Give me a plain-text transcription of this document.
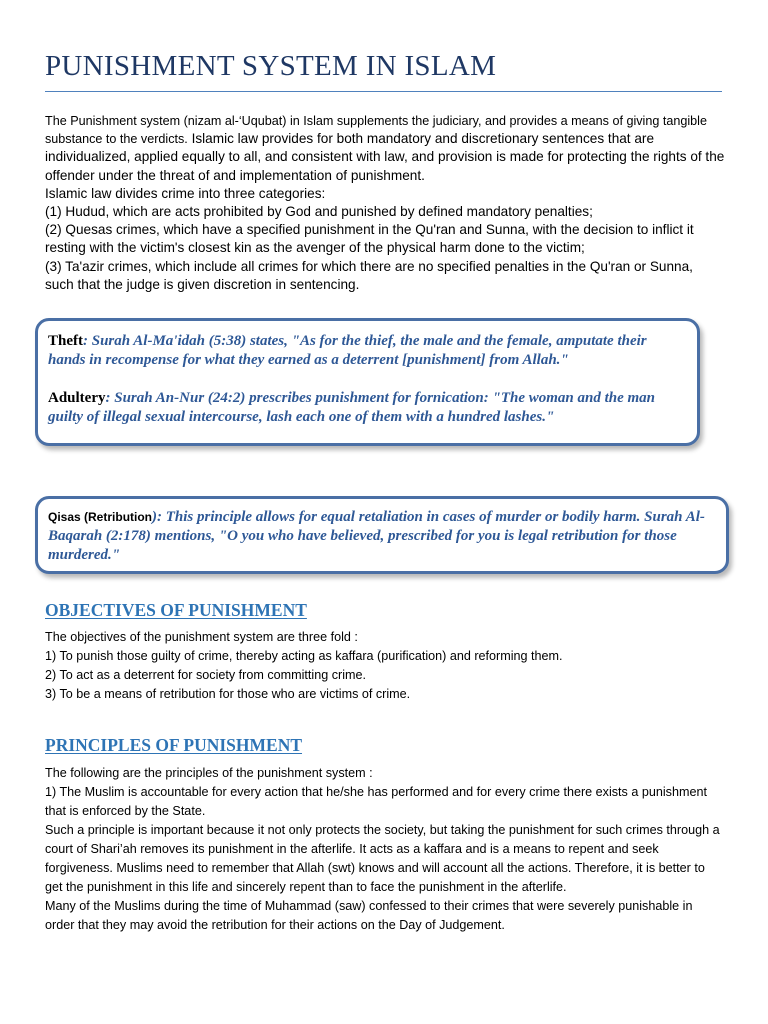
PUNISHMENT SYSTEM IN ISLAM

The Punishment system (nizam al-‘Uqubat) in Islam supplements the judiciary, and provides a means of giving tangible substance to the verdicts. Islamic law provides for both mandatory and discretionary sentences that are individualized, applied equally to all, and consistent with law, and provision is made for protecting the rights of the offender under the threat of and implementation of punishment.

Islamic law divides crime into three categories:

(1) Hudud, which are acts prohibited by God and punished by defined mandatory penalties;

(2) Quesas crimes, which have a specified punishment in the Qu'ran and Sunna, with the decision to inflict it resting with the victim's closest kin as the avenger of the physical harm done to the victim;

(3) Ta'azir crimes, which include all crimes for which there are no specified penalties in the Qu'ran or Sunna, such that the judge is given discretion in sentencing.

Theft: Surah Al-Ma'idah (5:38) states, "As for the thief, the male and the female, amputate their hands in recompense for what they earned as a deterrent [punishment] from Allah."

Adultery: Surah An-Nur (24:2) prescribes punishment for fornication: "The woman and the man guilty of illegal sexual intercourse, lash each one of them with a hundred lashes."

Qisas (Retribution): This principle allows for equal retaliation in cases of murder or bodily harm. Surah Al-Baqarah (2:178) mentions, "O you who have believed, prescribed for you is legal retribution for those murdered."

OBJECTIVES OF PUNISHMENT

The objectives of the punishment system are three fold :

1) To punish those guilty of crime, thereby acting as kaffara (purification) and reforming them.

2) To act as a deterrent for society from committing crime.

3) To be a means of retribution for those who are victims of crime.

PRINCIPLES OF PUNISHMENT

The following are the principles of the punishment system :

1) The Muslim is accountable for every action that he/she has performed and for every crime there exists a punishment that is enforced by the State.

Such a principle is important because it not only protects the society, but taking the punishment for such crimes through a court of Shari’ah removes its punishment in the afterlife. It acts as a kaffara and is a means to repent and seek forgiveness. Muslims need to remember that Allah (swt) knows and will account all the actions. Therefore, it is better to get the punishment in this life and sincerely repent than to face the punishment in the afterlife.

Many of the Muslims during the time of Muhammad (saw) confessed to their crimes that were severely punishable in order that they may avoid the retribution for their actions on the Day of Judgement.
